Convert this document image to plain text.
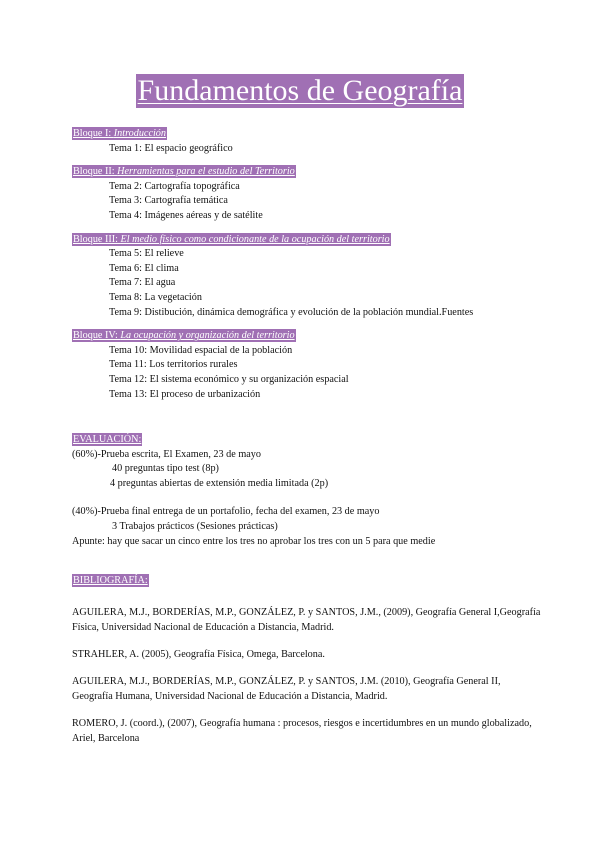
Fundamentos de Geografía
Bloque I: Introducción
Tema 1: El espacio geográfico
Bloque II: Herramientas para el estudio del Territorio
Tema 2: Cartografía topográfica
Tema 3: Cartografía temática
Tema 4: Imágenes aéreas y de satélite
Bloque III: El medio físico como condicionante de la ocupación del territorio
Tema 5: El relieve
Tema 6: El clima
Tema 7: El agua
Tema 8: La vegetación
Tema 9: Distibución, dinámica demográfica y evolución de la población mundial.Fuentes
Bloque IV: La ocupación y organización del territorio
Tema 10: Movilidad espacial de la población
Tema 11: Los territorios rurales
Tema 12: El sistema económico y su organización espacial
Tema 13: El proceso de urbanización
EVALUACIÓN:
(60%)-Prueba escrita, El Examen, 23 de mayo
40 preguntas tipo test (8p)
4 preguntas abiertas de extensión media limitada (2p)
(40%)-Prueba final entrega de un portafolio, fecha del examen, 23 de mayo
3 Trabajos prácticos (Sesiones prácticas)
Apunte: hay que sacar un cinco entre los tres no aprobar los tres con un 5 para que medie
BIBLIOGRAFÍA:
AGUILERA, M.J., BORDERÍAS, M.P., GONZÁLEZ, P. y SANTOS, J.M., (2009), Geografía General I,Geografía Física, Universidad Nacional de Educación a Distancia, Madrid.
STRAHLER, A. (2005), Geografía Física, Omega, Barcelona.
AGUILERA, M.J., BORDERÍAS, M.P., GONZÁLEZ, P. y SANTOS, J.M. (2010), Geografía General II, Geografía Humana, Universidad Nacional de Educación a Distancia, Madrid.
ROMERO, J. (coord.), (2007), Geografía humana : procesos, riesgos e incertidumbres en un mundo globalizado, Ariel, Barcelona
